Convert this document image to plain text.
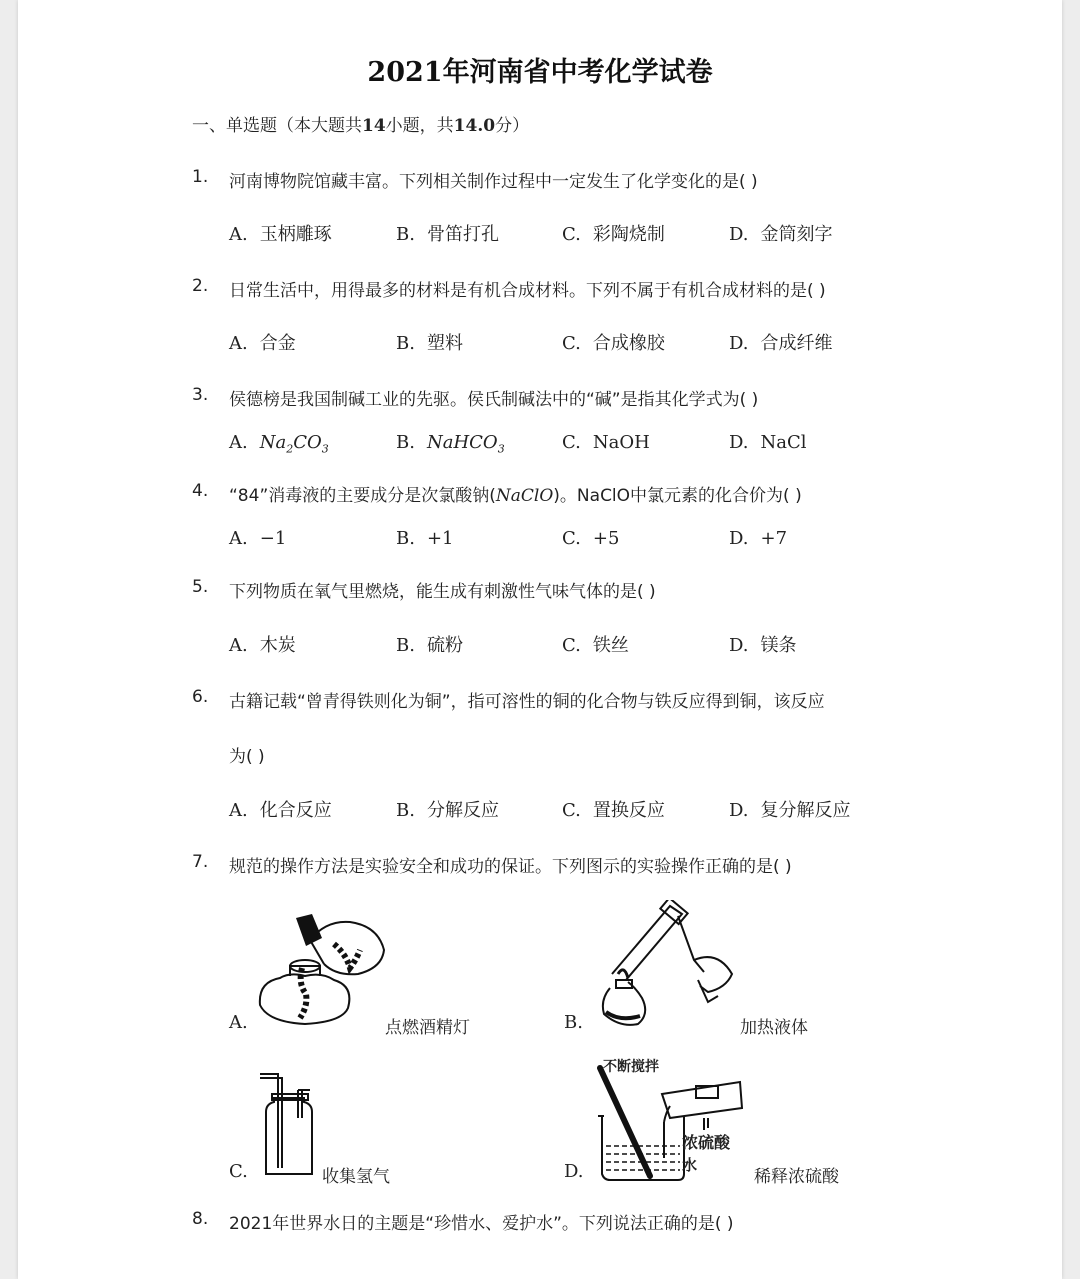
2021年河南省中考化学试卷
一、单选题（本大题共14小题，共14.0分）
1.	河南博物院馆藏丰富。下列相关制作过程中一定发生了化学变化的是( )
A. 玉柄雕琢	B. 骨笛打孔	C. 彩陶烧制	D. 金筒刻字
2.	日常生活中，用得最多的材料是有机合成材料。下列不属于有机合成材料的是( )
A. 合金	B. 塑料	C. 合成橡胶	D. 合成纤维
3.	侯德榜是我国制碱工业的先驱。侯氏制碱法中的“碱”是指其化学式为( )
A. $Na_2CO_3$	B. NaHCO$_3$	C. NaOH	D. NaCl
4.	“84”消毒液的主要成分是次氯酸钠(NaClO)。NaClO中氯元素的化合价为( )
A. −1	B. +1	C. +5	D. +7
5.	下列物质在氧气里燃烧，能生成有刺激性气味气体的是( )
A. 木炭	B. 硫粉	C. 铁丝	D. 镁条
6.	古籍记载“曾青得铁则化为铜”，指可溶性的铜的化合物与铁反应得到铜，该反应
为( )
A. 化合反应	B. 分解反应	C. 置换反应	D. 复分解反应
7.	规范的操作方法是实验安全和成功的保证。下列图示的实验操作正确的是( )
A.	点燃酒精灯	B.	加热液体
C.	收集氢气
不断搅拌
浓硫酸
水
D.	稀释浓硫酸
8.	2021年世界水日的主题是“珍惜水、爱护水”。下列说法正确的是( )
